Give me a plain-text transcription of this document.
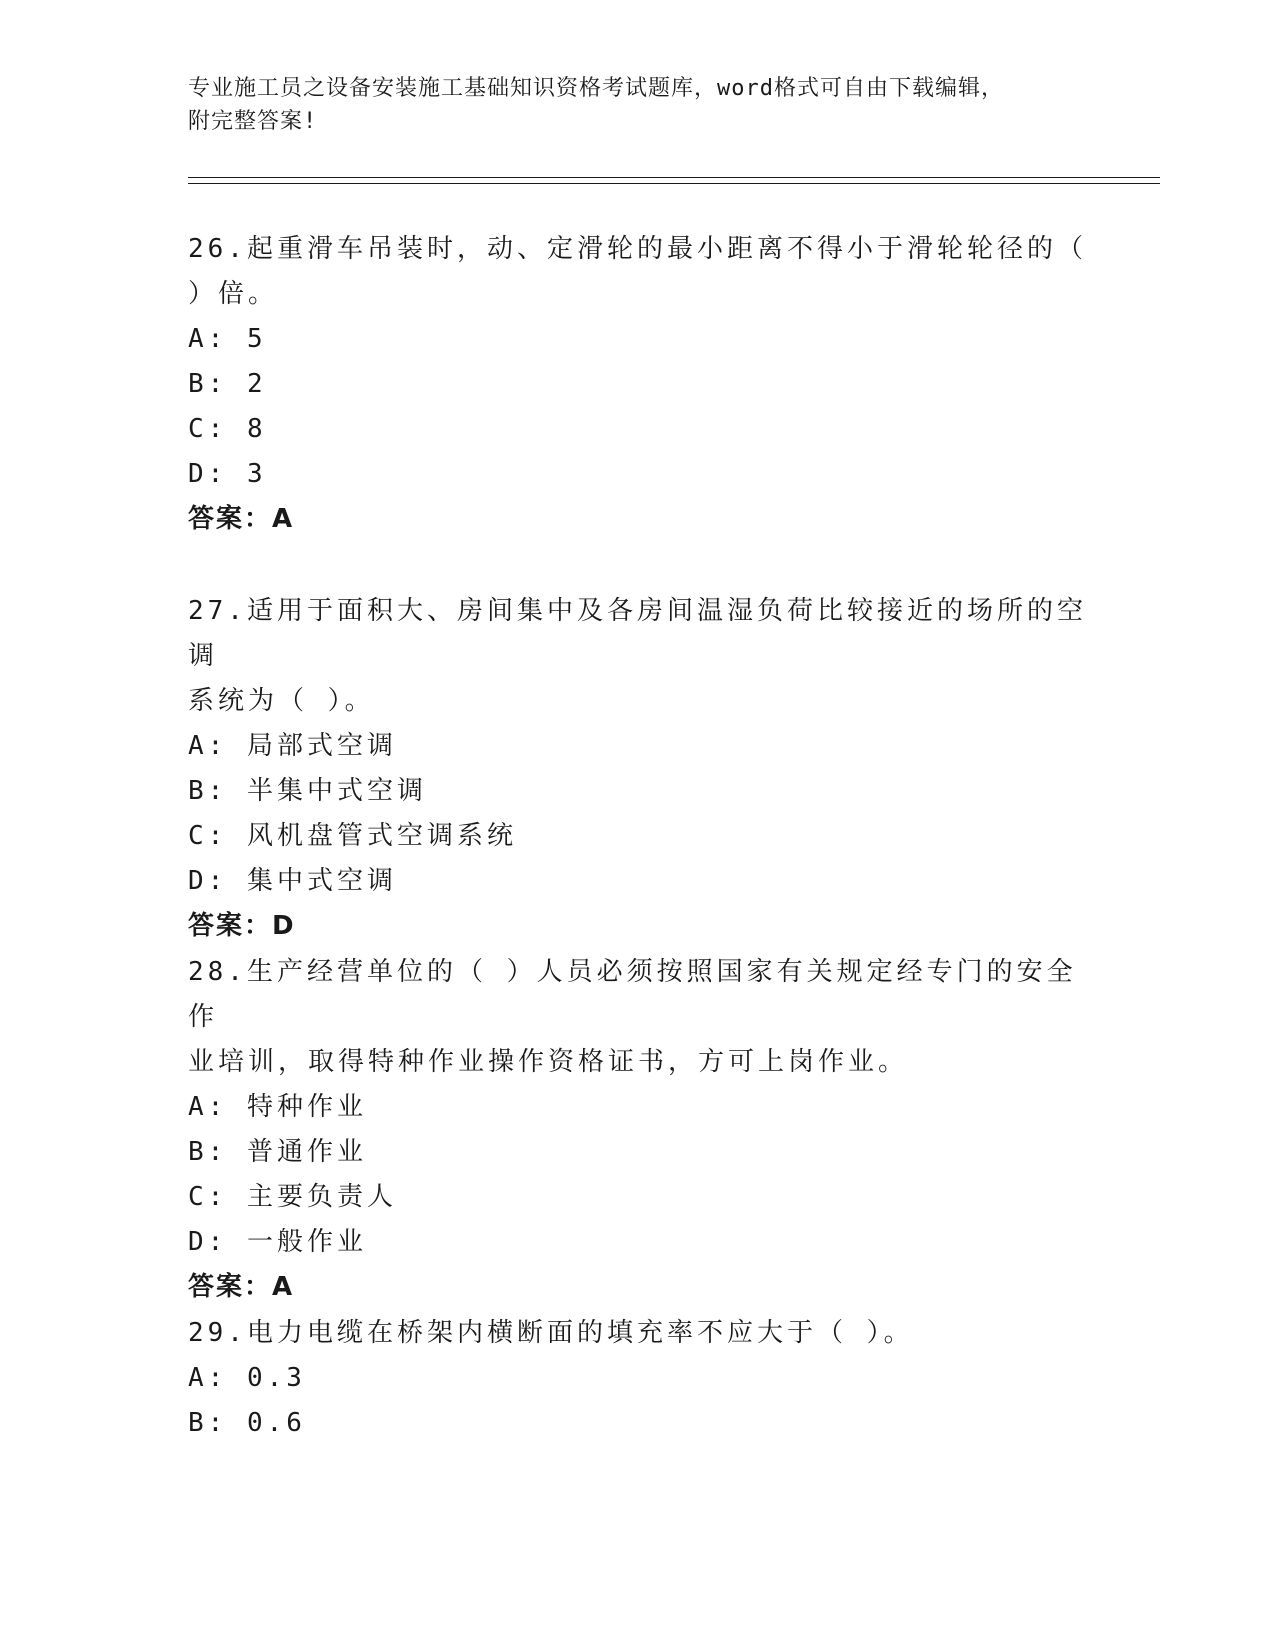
专业施工员之设备安装施工基础知识资格考试题库，word格式可自由下载编辑，
附完整答案!

26.起重滑车吊装时，动、定滑轮的最小距离不得小于滑轮轮径的（

）倍。

A: 5

B: 2

C: 8

D: 3

答案：A

27.适用于面积大、房间集中及各房间温湿负荷比较接近的场所的空调

系统为（ ）。

A: 局部式空调

B: 半集中式空调

C: 风机盘管式空调系统

D: 集中式空调

答案：D

28.生产经营单位的（ ）人员必须按照国家有关规定经专门的安全作

业培训，取得特种作业操作资格证书，方可上岗作业。

A: 特种作业

B: 普通作业

C: 主要负责人

D: 一般作业

答案：A

29.电力电缆在桥架内横断面的填充率不应大于（ ）。

A: 0.3

B: 0.6
